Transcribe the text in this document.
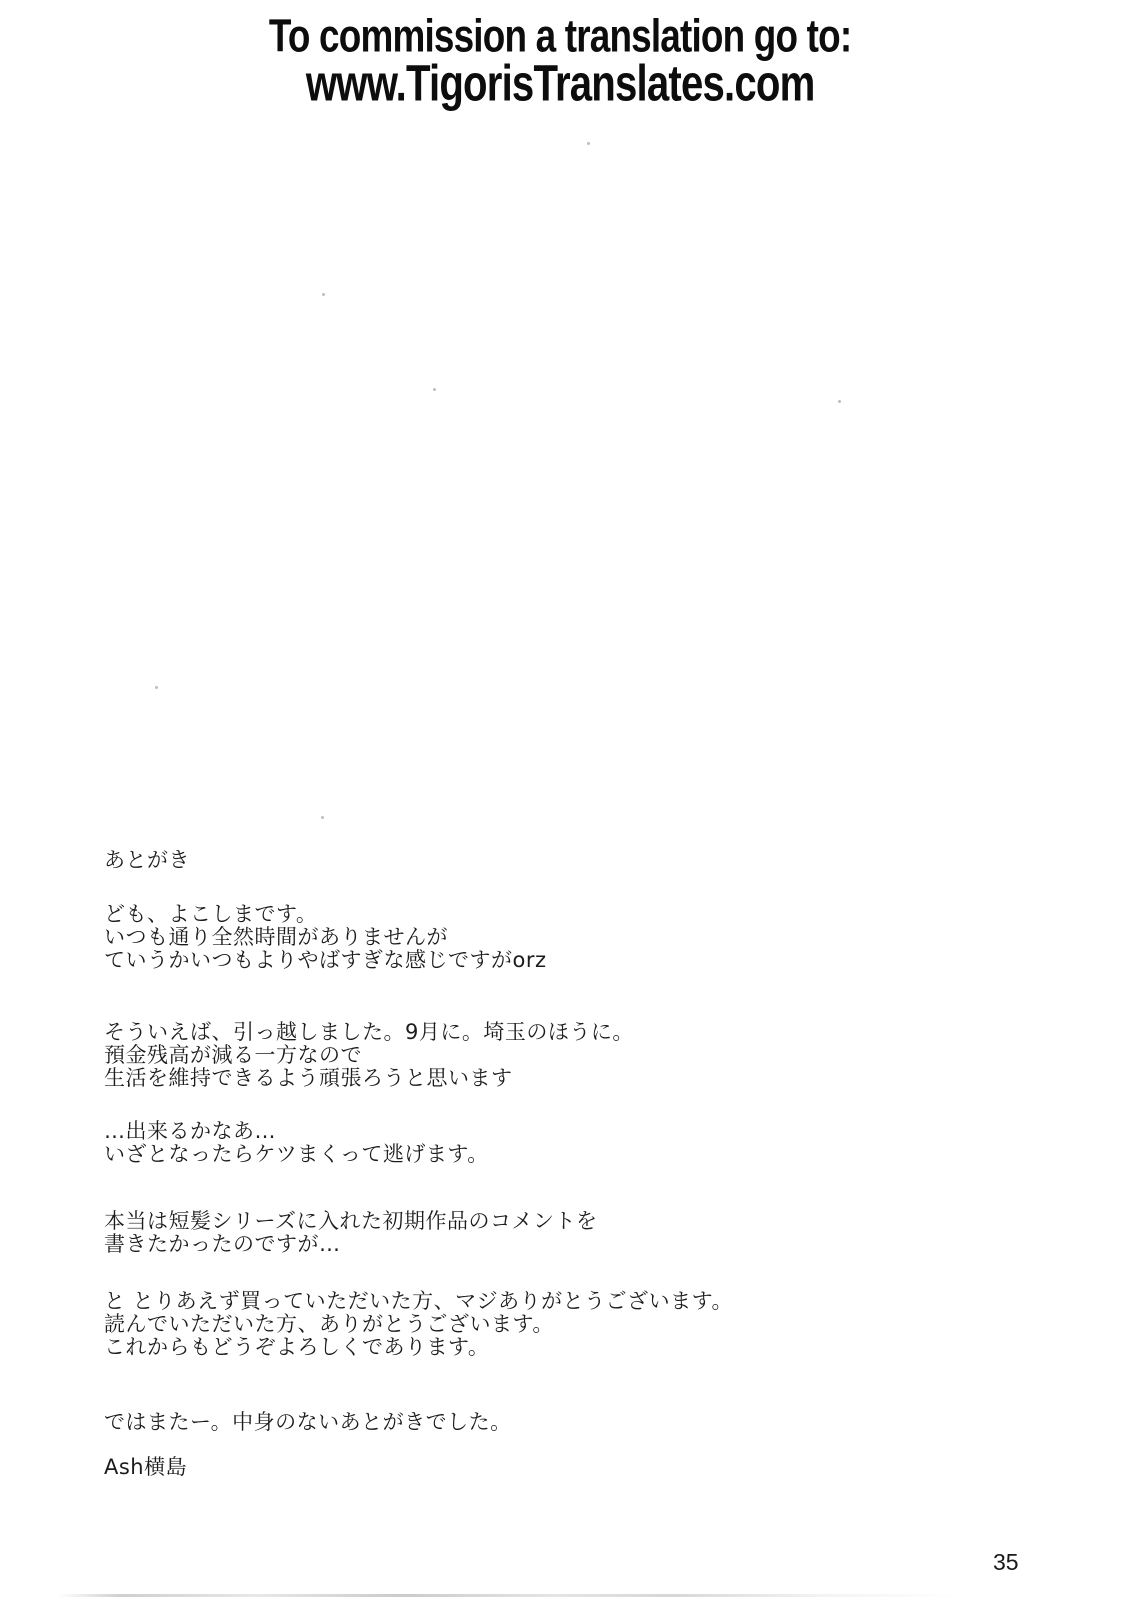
To commission a translation go to:
www.TigorisTranslates.com
あとがき
ども、よこしまです。
いつも通り全然時間がありませんが
ていうかいつもよりやばすぎな感じですがorz
そういえば、引っ越しました。9月に。埼玉のほうに。
預金残高が減る一方なので
生活を維持できるよう頑張ろうと思います
…出来るかなあ…
いざとなったらケツまくって逃げます。
本当は短髪シリーズに入れた初期作品のコメントを
書きたかったのですが…
と とりあえず買っていただいた方、マジありがとうございます。
読んでいただいた方、ありがとうございます。
これからもどうぞよろしくであります。
ではまたー。中身のないあとがきでした。
Ash横島
35
